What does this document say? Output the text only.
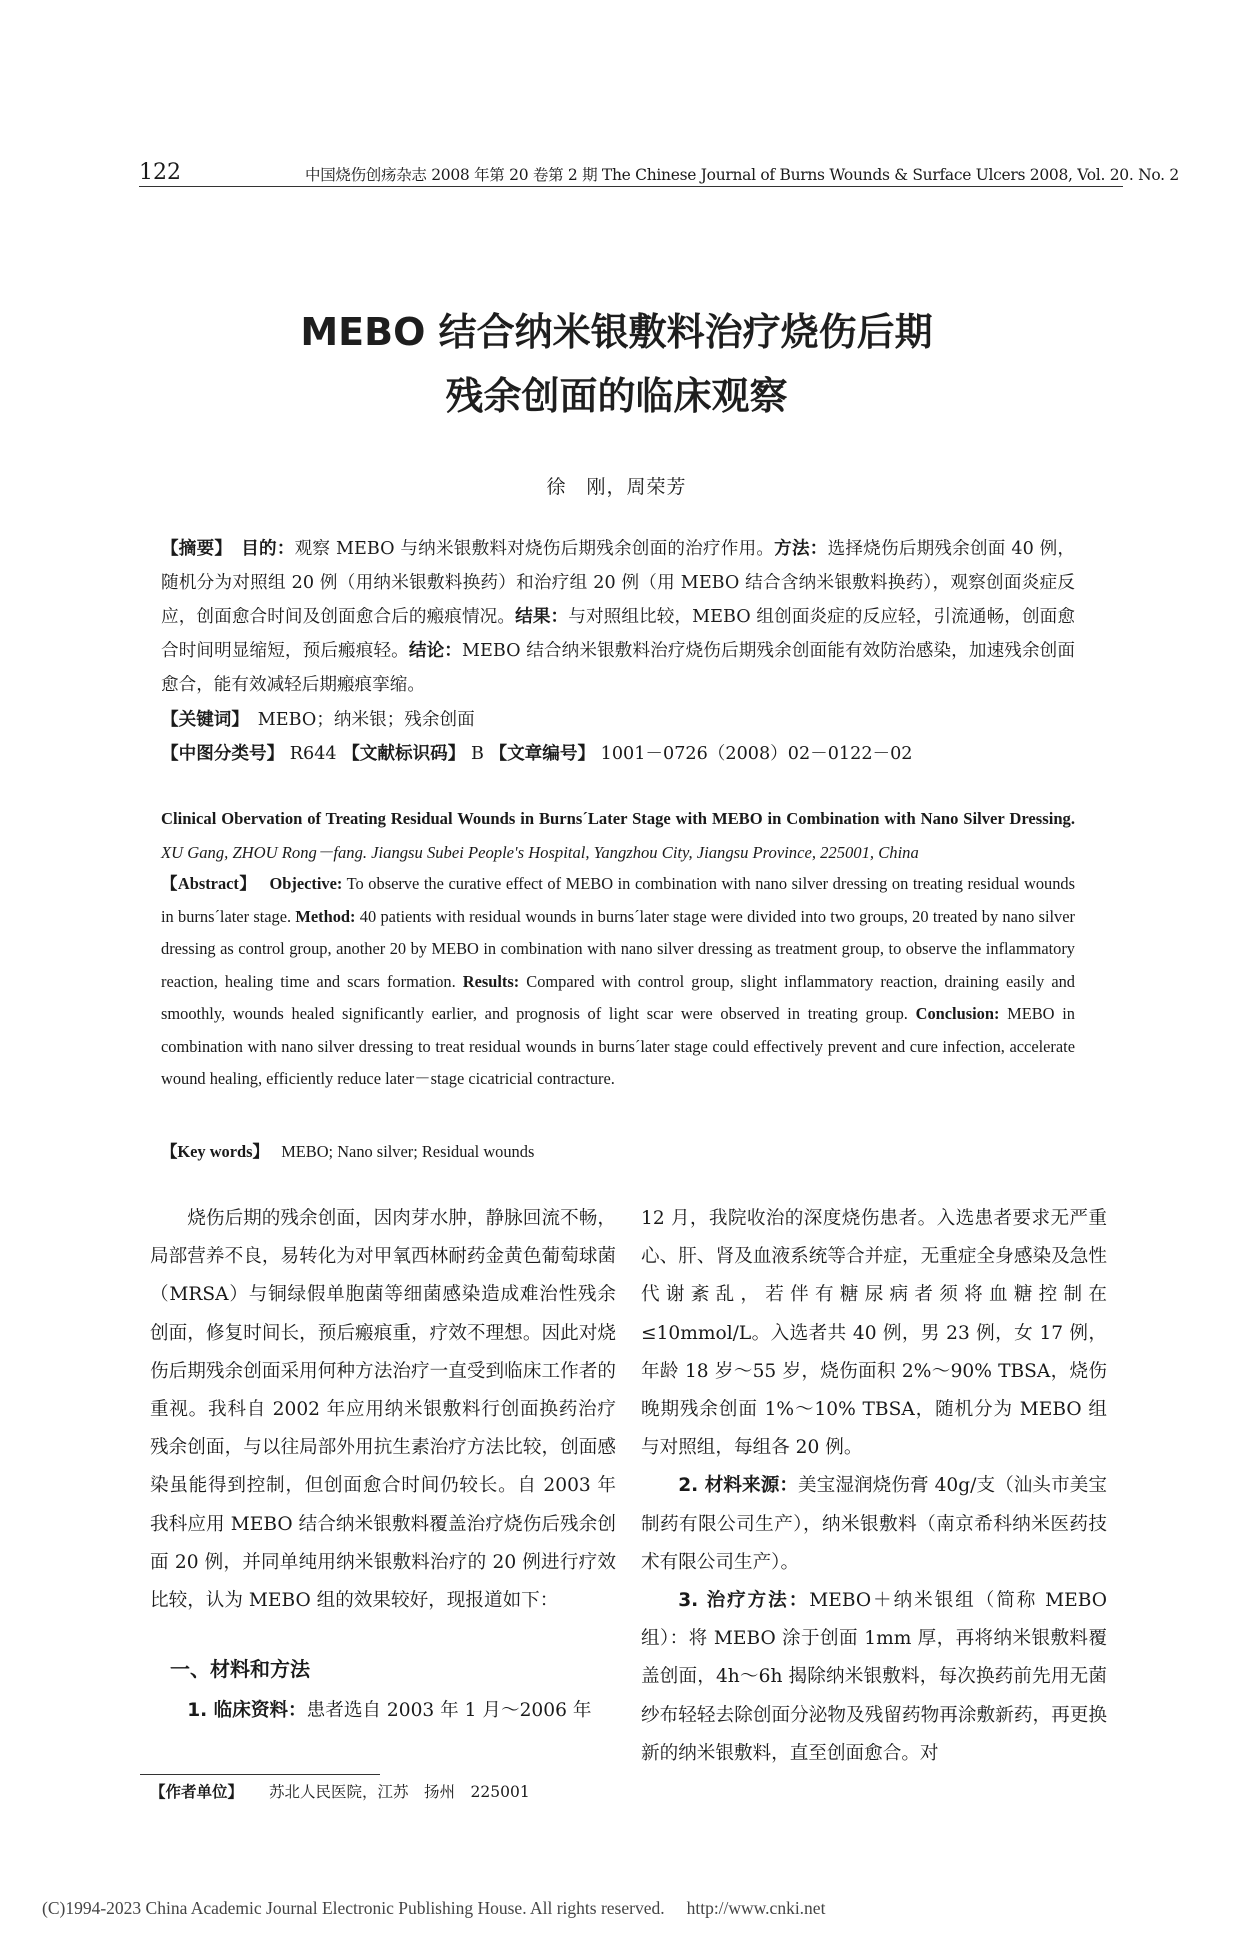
122	中国烧伤创疡杂志 2008 年第 20 卷第 2 期 The Chinese Journal of Burns Wounds & Surface Ulcers 2008, Vol. 20. No. 2
MEBO 结合纳米银敷料治疗烧伤后期
残余创面的临床观察
徐　刚，周荣芳
【摘要】　 目的：观察 MEBO 与纳米银敷料对烧伤后期残余创面的治疗作用。方法：选择烧伤后期残余创面 40 例，随机分为对照组 20 例（用纳米银敷料换药）和治疗组 20 例（用 MEBO 结合含纳米银敷料换药），观察创面炎症反应，创面愈合时间及创面愈合后的瘢痕情况。结果：与对照组比较，MEBO 组创面炎症的反应轻，引流通畅，创面愈合时间明显缩短，预后瘢痕轻。结论：MEBO 结合纳米银敷料治疗烧伤后期残余创面能有效防治感染，加速残余创面愈合，能有效减轻后期瘢痕挛缩。
【关键词】　 MEBO；纳米银；残余创面
【中图分类号】 R644 【文献标识码】 B 【文章编号】 1001－0726（2008）02－0122－02
Clinical Obervation of Treating Residual Wounds in Burns´Later Stage with MEBO in Combination with Nano Silver Dressing. XU Gang, ZHOU Rong－fang. Jiangsu Subei People's Hospital, Yangzhou City, Jiangsu Province, 225001, China
【Abstract】　 Objective: To observe the curative effect of MEBO in combination with nano silver dressing on treating residual wounds in burns´later stage. Method: 40 patients with residual wounds in burns´later stage were divided into two groups, 20 treated by nano silver dressing as control group, another 20 by MEBO in combination with nano silver dressing as treatment group, to observe the inflammatory reaction, healing time and scars formation. Results: Compared with control group, slight inflammatory reaction, draining easily and smoothly, wounds healed significantly earlier, and prognosis of light scar were observed in treating group. Conclusion: MEBO in combination with nano silver dressing to treat residual wounds in burns´later stage could effectively prevent and cure infection, accelerate wound healing, efficiently reduce later－stage cicatricial contracture.
【Key words】　 MEBO; Nano silver; Residual wounds

烧伤后期的残余创面，因肉芽水肿，静脉回流不畅，局部营养不良，易转化为对甲氧西林耐药金黄色葡萄球菌（MRSA）与铜绿假单胞菌等细菌感染造成难治性残余创面，修复时间长，预后瘢痕重，疗效不理想。因此对烧伤后期残余创面采用何种方法治疗一直受到临床工作者的重视。我科自 2002 年应用纳米银敷料行创面换药治疗残余创面，与以往局部外用抗生素治疗方法比较，创面感染虽能得到控制，但创面愈合时间仍较长。自 2003 年我科应用 MEBO 结合纳米银敷料覆盖治疗烧伤后残余创面 20 例，并同单纯用纳米银敷料治疗的 20 例进行疗效比较，认为 MEBO 组的效果较好，现报道如下：

一、材料和方法

1. 临床资料：患者选自 2003 年 1 月～2006 年

12 月，我院收治的深度烧伤患者。入选患者要求无严重心、肝、肾及血液系统等合并症，无重症全身感染及急性代谢紊乱，若伴有糖尿病者须将血糖控制在≤10mmol/L。入选者共 40 例，男 23 例，女 17 例，年龄 18 岁～55 岁，烧伤面积 2%～90% TBSA，烧伤晚期残余创面 1%～10% TBSA，随机分为 MEBO 组与对照组，每组各 20 例。

2. 材料来源：美宝湿润烧伤膏 40g/支（汕头市美宝制药有限公司生产），纳米银敷料（南京希科纳米医药技术有限公司生产）。

3. 治疗方法：MEBO＋纳米银组（简称 MEBO 组）：将 MEBO 涂于创面 1mm 厚，再将纳米银敷料覆盖创面，4h～6h 揭除纳米银敷料，每次换药前先用无菌纱布轻轻去除创面分泌物及残留药物再涂敷新药，再更换新的纳米银敷料，直至创面愈合。对

【作者单位】 苏北人民医院，江苏　扬州　225001
(C)1994-2023 China Academic Journal Electronic Publishing House. All rights reserved. http://www.cnki.net
